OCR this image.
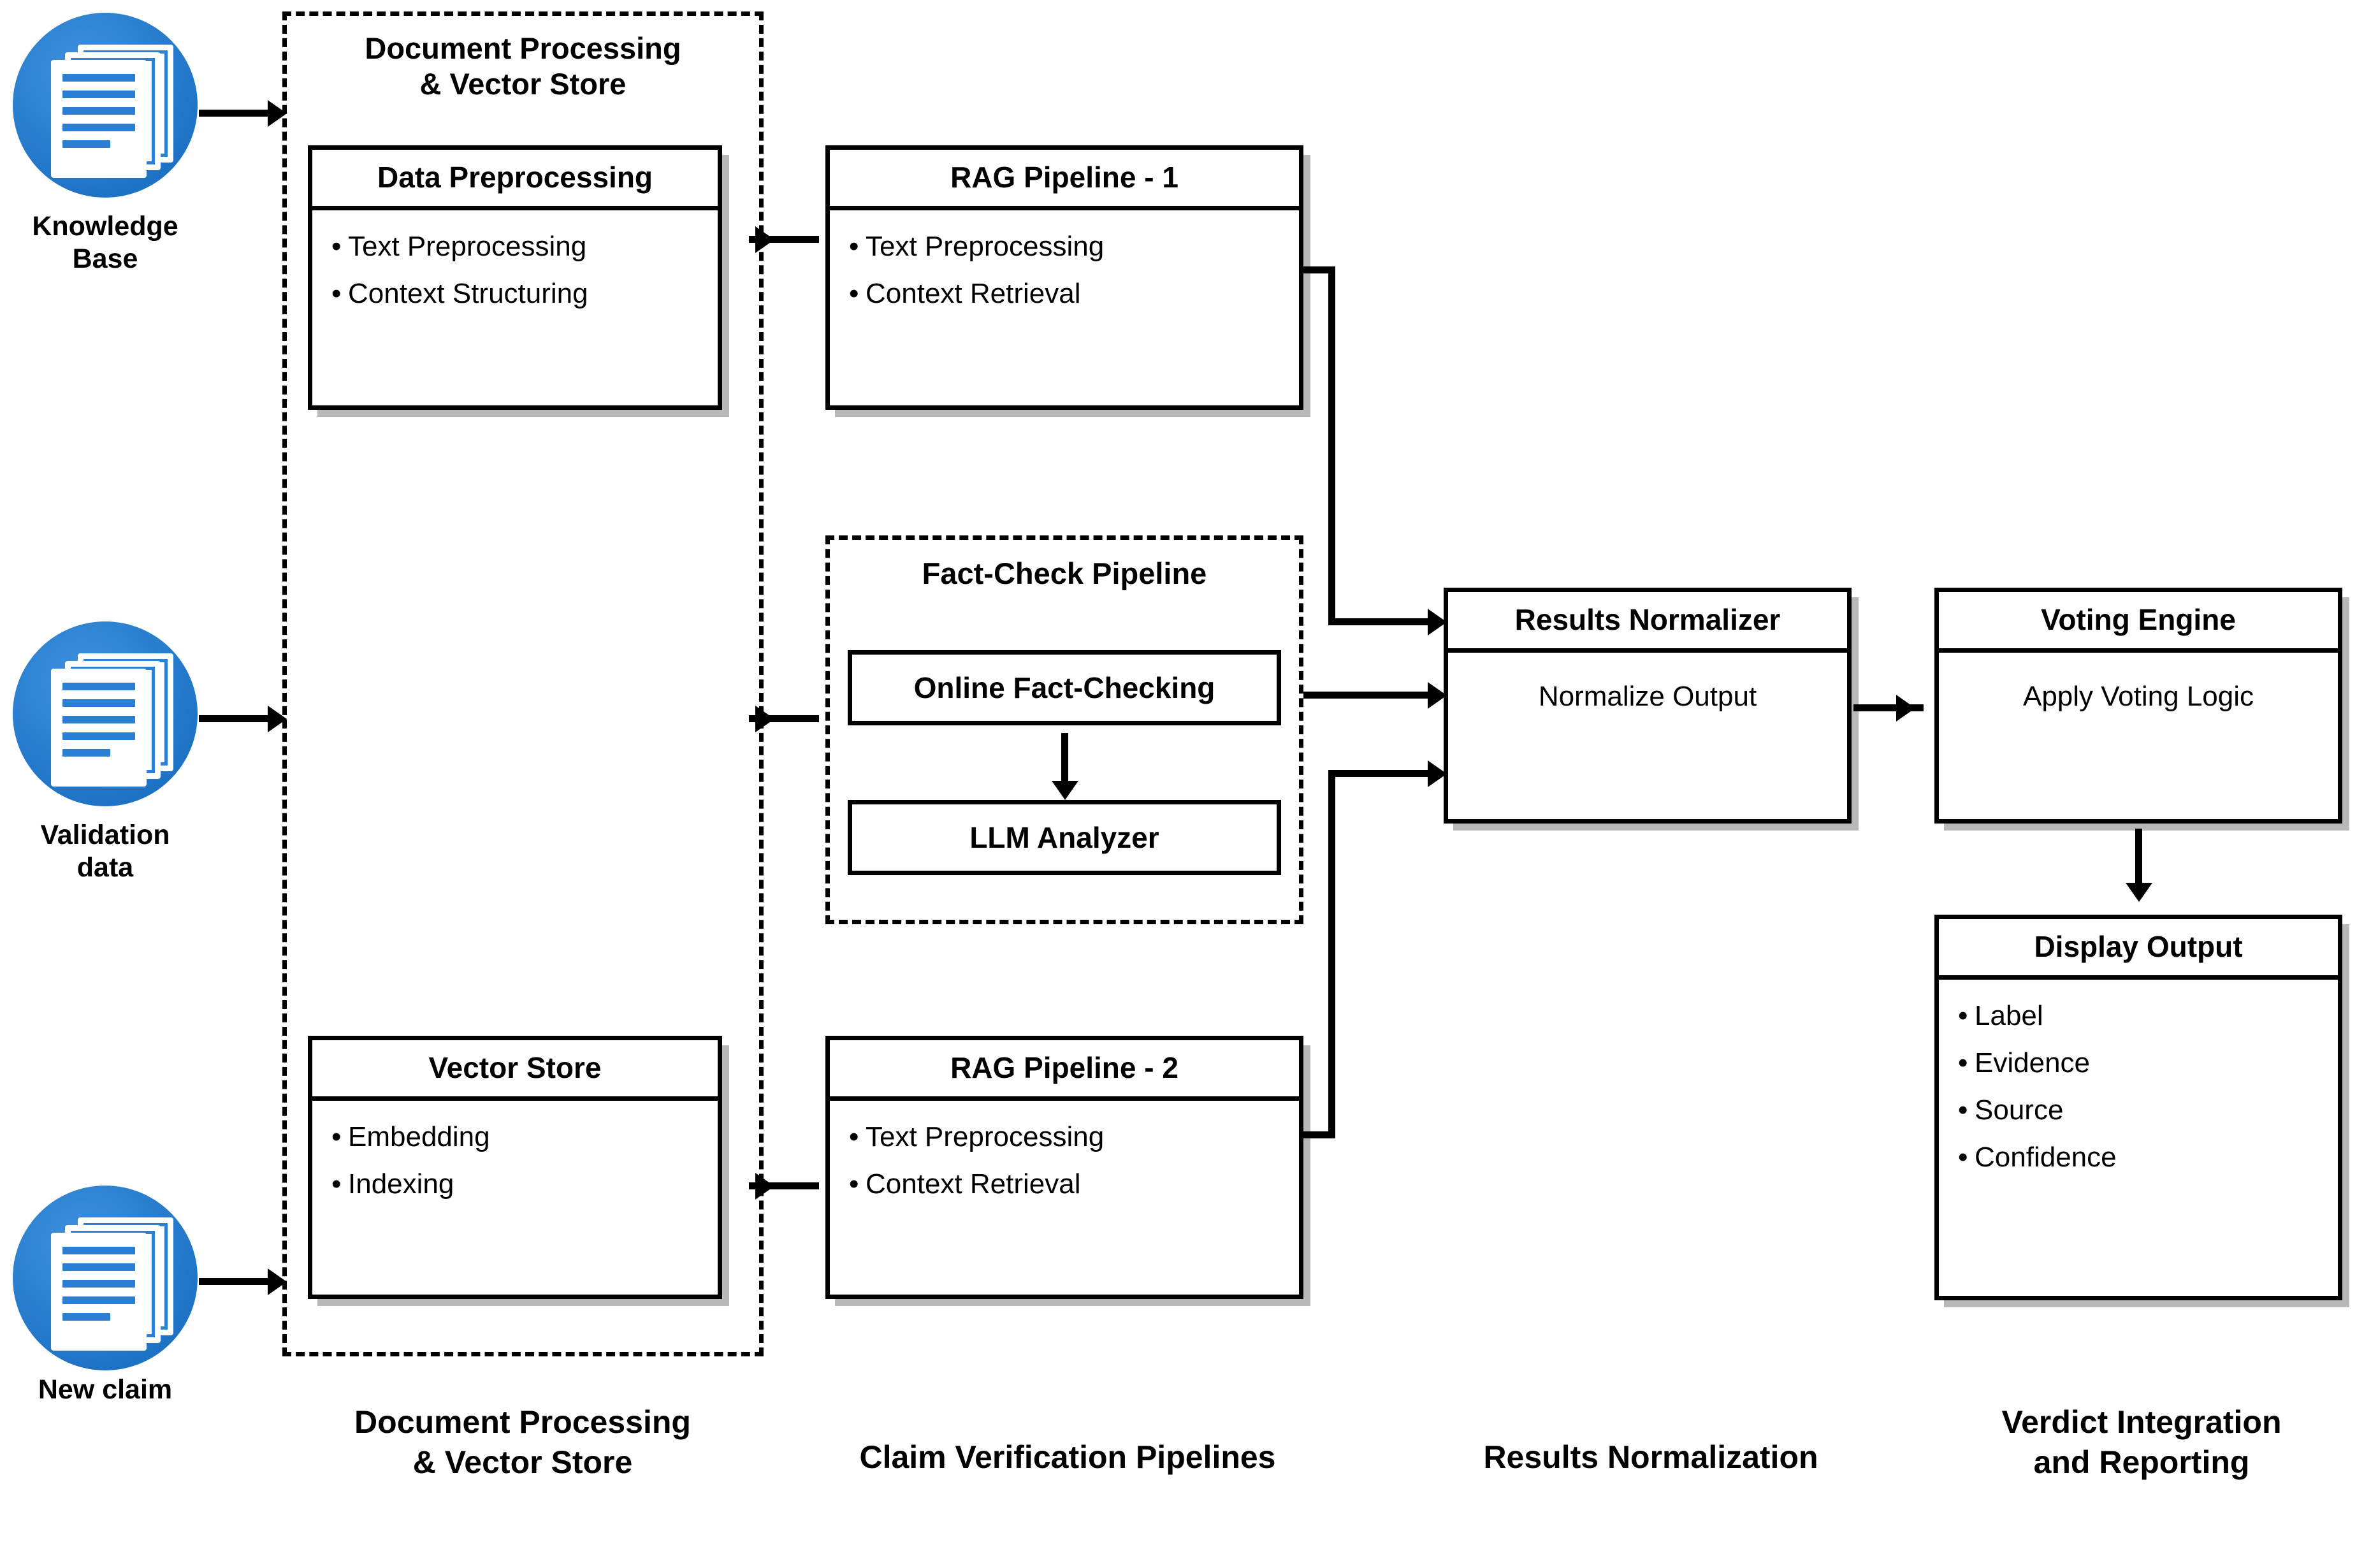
Knowledge
Base
Validation
data
New claim
Document Processing
& Vector Store
Data Preprocessing
• Text Preprocessing
• Context Structuring
Vector Store
• Embedding
• Indexing
RAG Pipeline - 1
• Text Preprocessing
• Context Retrieval
Fact-Check Pipeline
Online Fact-Checking
LLM Analyzer
RAG Pipeline - 2
• Text Preprocessing
• Context Retrieval
Results Normalizer
Normalize Output
Voting Engine
Apply Voting Logic
Display Output
• Label
• Evidence
• Source
• Confidence
Document Processing
& Vector Store	Claim Verification Pipelines	Results Normalization
Verdict Integration
and Reporting
